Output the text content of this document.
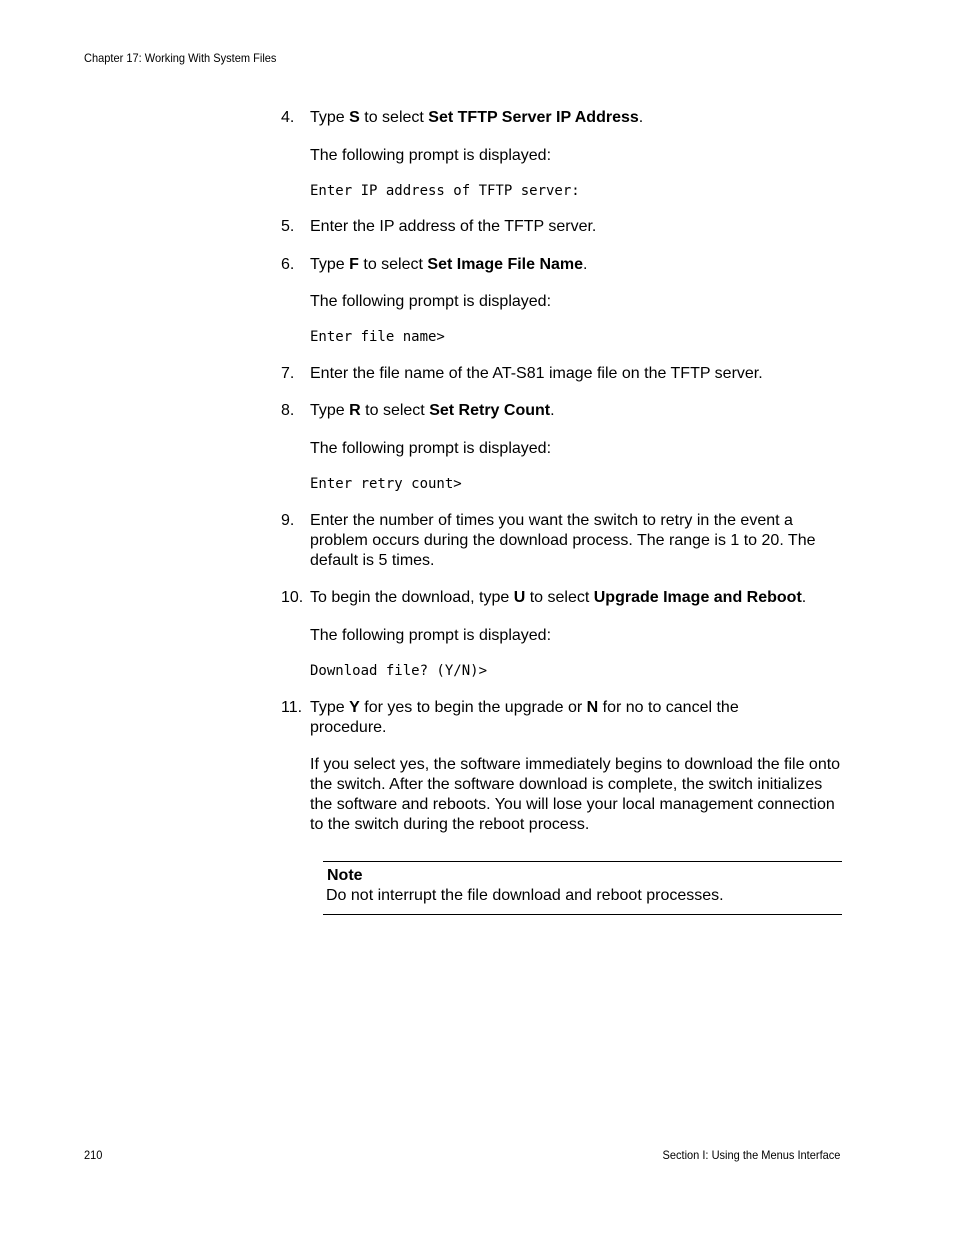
Chapter 17: Working With System Files
4. Type S to select Set TFTP Server IP Address.
The following prompt is displayed:
Enter IP address of TFTP server:
5. Enter the IP address of the TFTP server.
6. Type F to select Set Image File Name.
The following prompt is displayed:
Enter file name>
7. Enter the file name of the AT-S81 image file on the TFTP server.
8. Type R to select Set Retry Count.
The following prompt is displayed:
Enter retry count>
9. Enter the number of times you want the switch to retry in the event a problem occurs during the download process. The range is 1 to 20. The default is 5 times.
10. To begin the download, type U to select Upgrade Image and Reboot.
The following prompt is displayed:
Download file? (Y/N)>
11. Type Y for yes to begin the upgrade or N for no to cancel the procedure.
If you select yes, the software immediately begins to download the file onto the switch. After the software download is complete, the switch initializes the software and reboots. You will lose your local management connection to the switch during the reboot process.
Note
Do not interrupt the file download and reboot processes.
210	Section I: Using the Menus Interface
